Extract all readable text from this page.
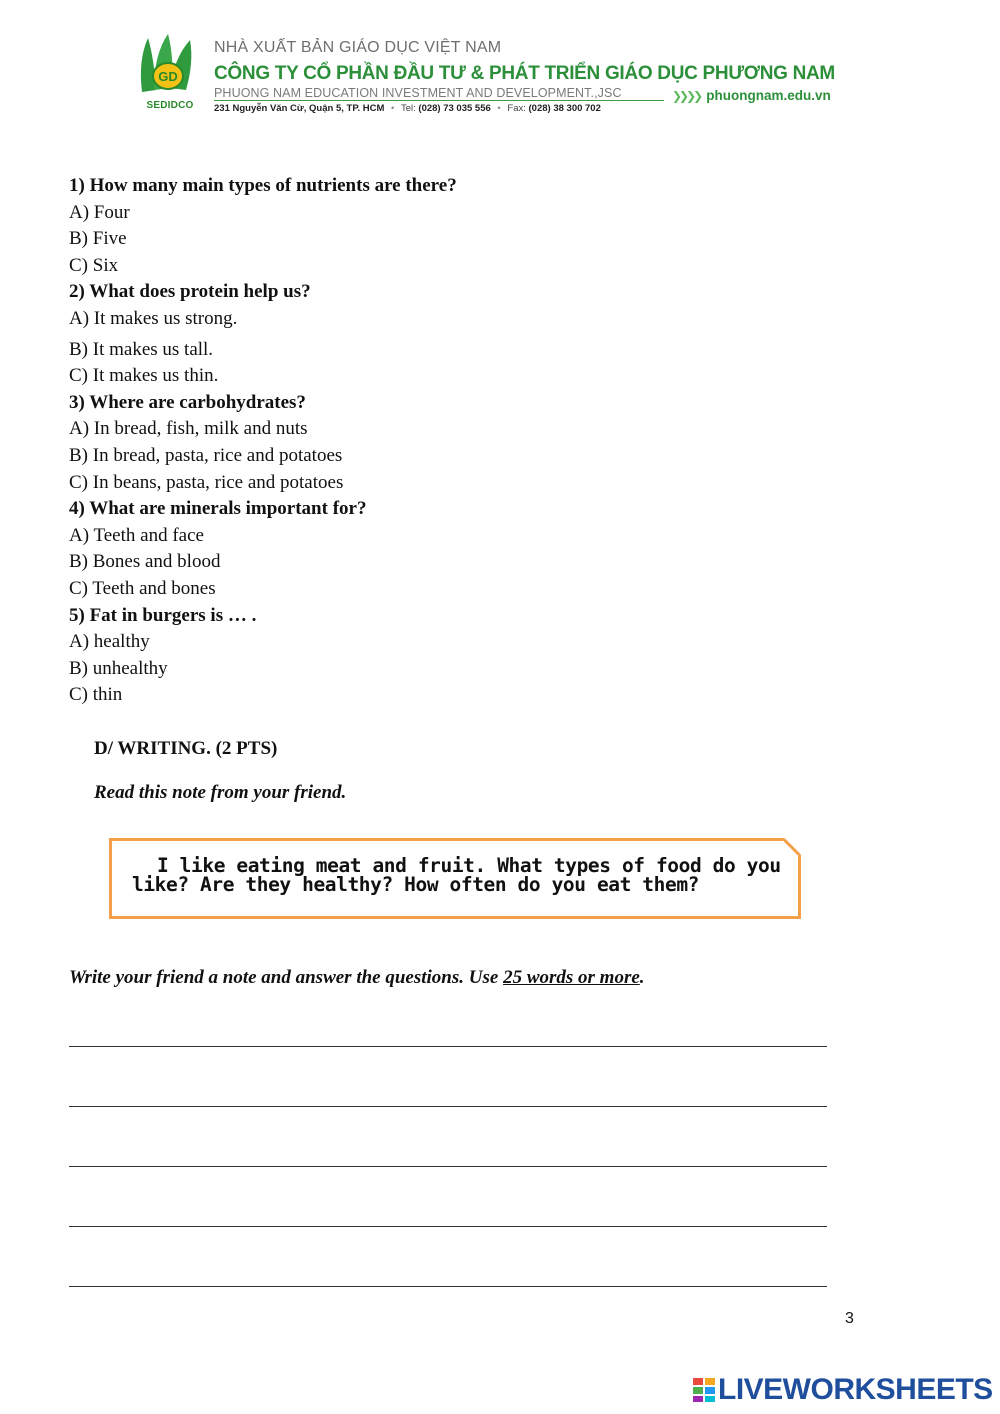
GD
SEDIDCO
NHÀ XUẤT BẢN GIÁO DỤC VIỆT NAM
CÔNG TY CỔ PHẦN ĐẦU TƯ & PHÁT TRIỂN GIÁO DỤC PHƯƠNG NAM
PHUONG NAM EDUCATION INVESTMENT AND DEVELOPMENT.,JSC
231 Nguyễn Văn Cừ, Quận 5, TP. HCM • Tel: (028) 73 035 556 • Fax: (028) 38 300 702
❯❯❯❯ phuongnam.edu.vn

1) How many main types of nutrients are there?

A) Four

B) Five

C) Six

2) What does protein help us?

A) It makes us strong.

B) It makes us tall.

C) It makes us thin.

3) Where are carbohydrates?

A) In bread, fish, milk and nuts

B) In bread, pasta, rice and potatoes

C) In beans, pasta, rice and potatoes

4) What are minerals important for?

A) Teeth and face

B) Bones and blood

C) Teeth and bones

5) Fat in burgers is … .

A) healthy

B) unhealthy

C) thin

D/ WRITING. (2 PTS)
Read this note from your friend.
I like eating meat and fruit. What types of food do you like? Are they healthy? How often do you eat them?
Write your friend a note and answer the questions. Use 25 words or more.
3
LIVEWORKSHEETS
